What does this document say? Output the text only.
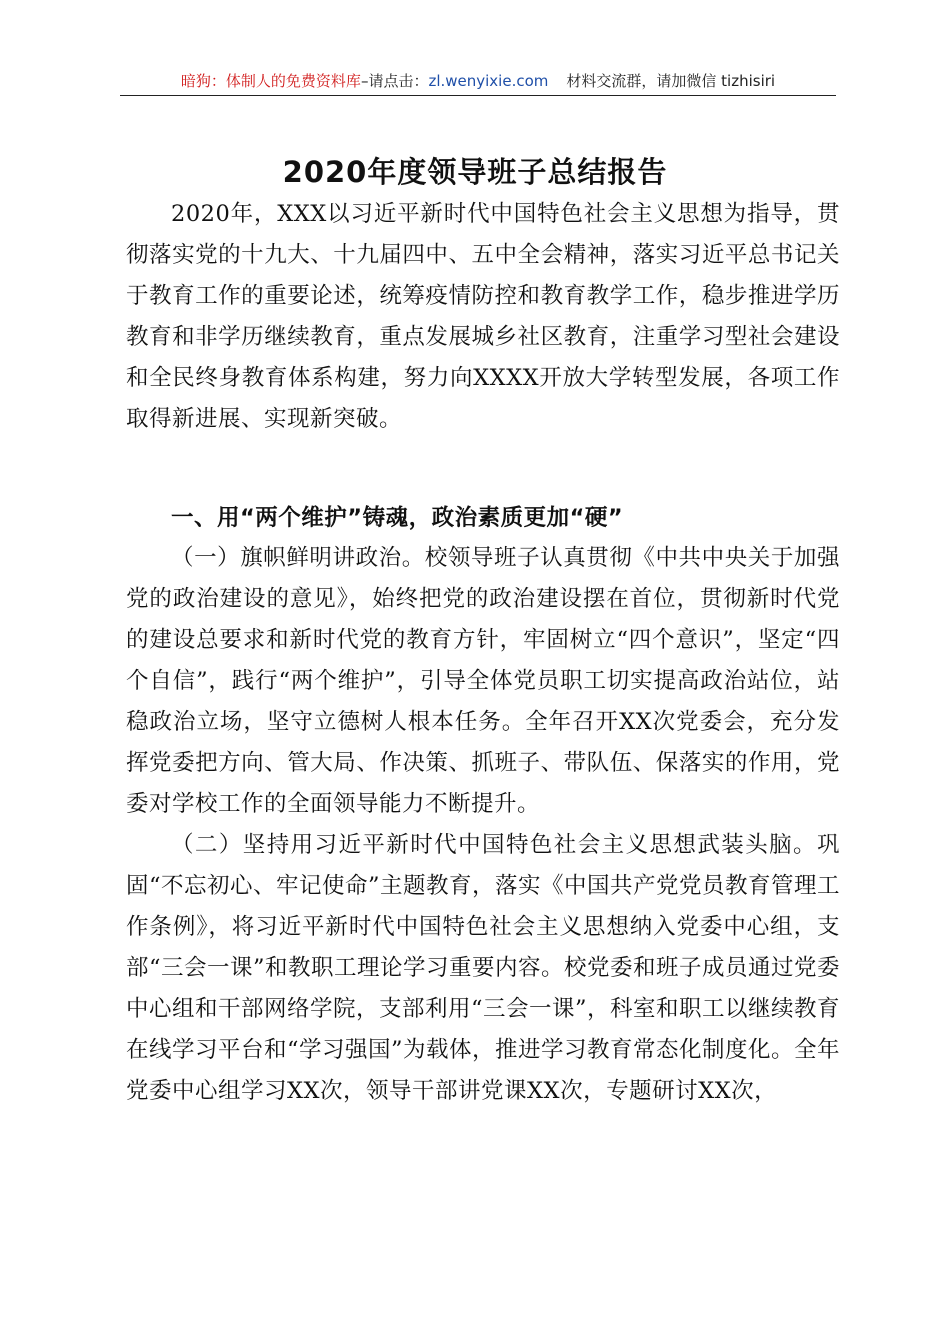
暗狗：体制人的免费资料库–请点击：zl.wenyixie.com 材料交流群，请加微信 tizhisiri
2020年度领导班子总结报告

2020年，XXX以习近平新时代中国特色社会主义思想为指导，贯彻落实党的十九大、十九届四中、五中全会精神，落实习近平总书记关于教育工作的重要论述，统筹疫情防控和教育教学工作，稳步推进学历教育和非学历继续教育，重点发展城乡社区教育，注重学习型社会建设和全民终身教育体系构建，努力向XXXX开放大学转型发展，各项工作取得新进展、实现新突破。

一、用“两个维护”铸魂，政治素质更加“硬”

（一）旗帜鲜明讲政治。校领导班子认真贯彻《中共中央关于加强党的政治建设的意见》，始终把党的政治建设摆在首位，贯彻新时代党的建设总要求和新时代党的教育方针，牢固树立“四个意识”，坚定“四个自信”，践行“两个维护”，引导全体党员职工切实提高政治站位，站稳政治立场，坚守立德树人根本任务。全年召开XX次党委会，充分发挥党委把方向、管大局、作决策、抓班子、带队伍、保落实的作用，党委对学校工作的全面领导能力不断提升。

（二）坚持用习近平新时代中国特色社会主义思想武装头脑。巩固“不忘初心、牢记使命”主题教育，落实《中国共产党党员教育管理工作条例》，将习近平新时代中国特色社会主义思想纳入党委中心组，支部“三会一课”和教职工理论学习重要内容。校党委和班子成员通过党委中心组和干部网络学院，支部利用“三会一课”，科室和职工以继续教育在线学习平台和“学习强国”为载体，推进学习教育常态化制度化。全年党委中心组学习XX次，领导干部讲党课XX次，专题研讨XX次，
